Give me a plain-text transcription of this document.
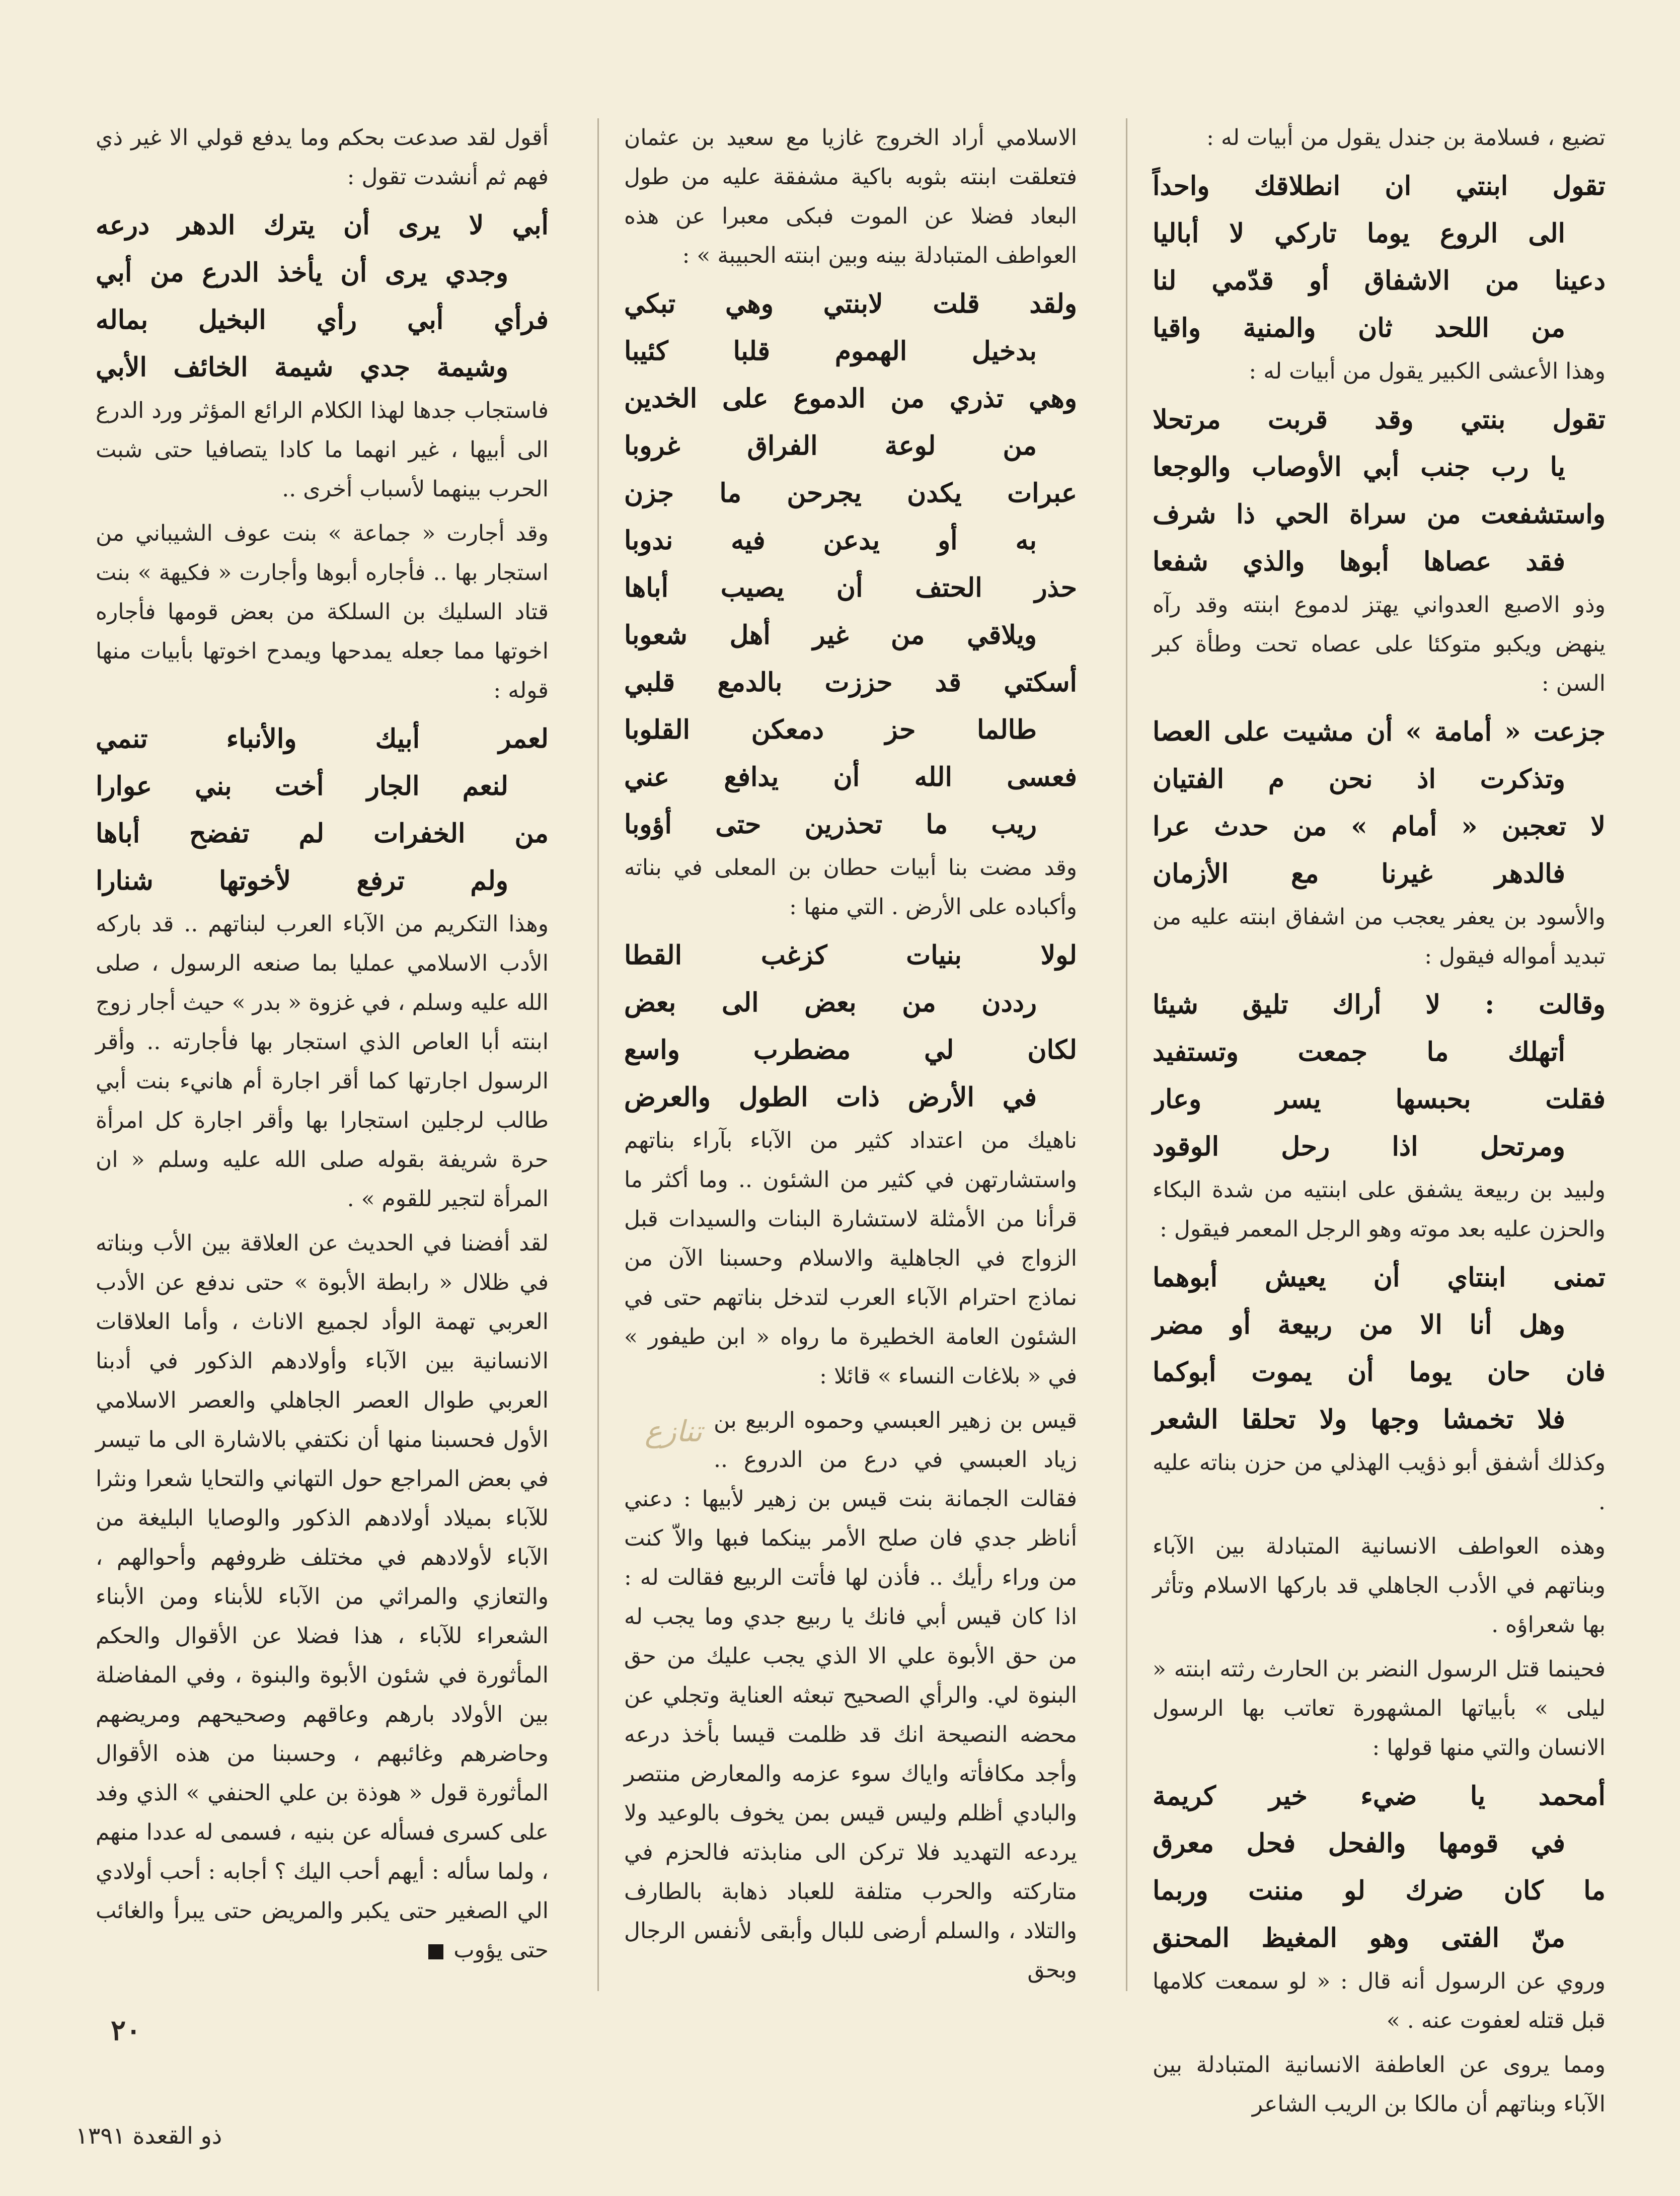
تضيع ، فسلامة بن جندل يقول من أبيات له :
تقول ابنتي ان انطلاقك واحداً
الى الروع يوما تاركي لا أباليا
دعينا من الاشفاق أو قدّمي لنا
من اللحد ثان والمنية واقيا
وهذا الأعشى الكبير يقول من أبيات له :
تقول بنتي وقد قربت مرتحلا
يا رب جنب أبي الأوصاب والوجعا
واستشفعت من سراة الحي ذا شرف
فقد عصاها أبوها والذي شفعا
وذو الاصبع العدواني يهتز لدموع ابنته وقد رآه ينهض ويكبو متوكئا على عصاه تحت وطأة كبر السن :
جزعت « أمامة » أن مشيت على العصا
وتذكرت اذ نحن م الفتيان
لا تعجبن « أمام » من حدث عرا
فالدهر غيرنا مع الأزمان
والأسود بن يعفر يعجب من اشفاق ابنته عليه من تبديد أمواله فيقول :
وقالت : لا أراك تليق شيئا
أتهلك ما جمعت وتستفيد
فقلت بحبسها يسر وعار
ومرتحل اذا رحل الوقود
ولبيد بن ربيعة يشفق على ابنتيه من شدة البكاء والحزن عليه بعد موته وهو الرجل المعمر فيقول :
تمنى ابنتاي أن يعيش أبوهما
وهل أنا الا من ربيعة أو مضر
فان حان يوما أن يموت أبوكما
فلا تخمشا وجها ولا تحلقا الشعر
وكذلك أشفق أبو ذؤيب الهذلي من حزن بناته عليه .
وهذه العواطف الانسانية المتبادلة بين الآباء وبناتهم في الأدب الجاهلي قد باركها الاسلام وتأثر بها شعراؤه .
فحينما قتل الرسول النضر بن الحارث رثته ابنته « ليلى » بأبياتها المشهورة تعاتب بها الرسول الانسان والتي منها قولها :
أمحمد يا ضيء خير كريمة
في قومها والفحل فحل معرق
ما كان ضرك لو مننت وربما
منّ الفتى وهو المغيظ المحنق
وروي عن الرسول أنه قال : « لو سمعت كلامها قبل قتله لعفوت عنه . »
ومما يروى عن العاطفة الانسانية المتبادلة بين الآباء وبناتهم أن مالكا بن الريب الشاعر
الاسلامي أراد الخروج غازيا مع سعيد بن عثمان فتعلقت ابنته بثوبه باكية مشفقة عليه من طول البعاد فضلا عن الموت فبكى معبرا عن هذه العواطف المتبادلة بينه وبين ابنته الحبيبة » :
ولقد قلت لابنتي وهي تبكي
بدخيل الهموم قلبا كئيبا
وهي تذري من الدموع على الخدين
من لوعة الفراق غروبا
عبرات يكدن يجرحن ما جزن
به أو يدعن فيه ندوبا
حذر الحتف أن يصيب أباها
ويلاقي من غير أهل شعوبا
أسكتي قد حززت بالدمع قلبي
طالما حز دمعكن القلوبا
فعسى الله أن يدافع عني
ريب ما تحذرين حتى أؤوبا
وقد مضت بنا أبيات حطان بن المعلى في بناته وأكباده على الأرض . التي منها :
لولا بنيات كزغب القطا
رددن من بعض الى بعض
لكان لي مضطرب واسع
في الأرض ذات الطول والعرض
ناهيك من اعتداد كثير من الآباء بآراء بناتهم واستشارتهن في كثير من الشئون .. وما أكثر ما قرأنا من الأمثلة لاستشارة البنات والسيدات قبل الزواج في الجاهلية والاسلام وحسبنا الآن من نماذج احترام الآباء العرب لتدخل بناتهم حتى في الشئون العامة الخطيرة ما رواه « ابن طيفور » في « بلاغات النساء » قائلا :
تنازع قيس بن زهير العبسي وحموه الربيع بن زياد العبسي في درع من الدروع .. فقالت الجمانة بنت قيس بن زهير لأبيها : دعني أناظر جدي فان صلح الأمر بينكما فبها والاّ كنت من وراء رأيك .. فأذن لها فأتت الربيع فقالت له : اذا كان قيس أبي فانك يا ربيع جدي وما يجب له من حق الأبوة علي الا الذي يجب عليك من حق البنوة لي. والرأي الصحيح تبعثه العناية وتجلي عن محضه النصيحة انك قد ظلمت قيسا بأخذ درعه وأجد مكافأته واياك سوء عزمه والمعارض منتصر والبادي أظلم وليس قيس بمن يخوف بالوعيد ولا يردعه التهديد فلا تركن الى منابذته فالحزم في متاركته والحرب متلفة للعباد ذهابة بالطارف والتلاد ، والسلم أرضى للبال وأبقى لأنفس الرجال وبحق
أقول لقد صدعت بحكم وما يدفع قولي الا غير ذي فهم ثم أنشدت تقول :
أبي لا يرى أن يترك الدهر درعه
وجدي يرى أن يأخذ الدرع من أبي
فرأي أبي رأي البخيل بماله
وشيمة جدي شيمة الخائف الأبي
فاستجاب جدها لهذا الكلام الرائع المؤثر ورد الدرع الى أبيها ، غير انهما ما كادا يتصافيا حتى شبت الحرب بينهما لأسباب أخرى ..
وقد أجارت « جماعة » بنت عوف الشيباني من استجار بها .. فأجاره أبوها وأجارت « فكيهة » بنت قتاد السليك بن السلكة من بعض قومها فأجاره اخوتها مما جعله يمدحها ويمدح اخوتها بأبيات منها قوله :
لعمر أبيك والأنباء تنمي
لنعم الجار أخت بني عوارا
من الخفرات لم تفضح أباها
ولم ترفع لأخوتها شنارا
وهذا التكريم من الآباء العرب لبناتهم .. قد باركه الأدب الاسلامي عمليا بما صنعه الرسول ، صلى الله عليه وسلم ، في غزوة « بدر » حيث أجار زوج ابنته أبا العاص الذي استجار بها فأجارته .. وأقر الرسول اجارتها كما أقر اجارة أم هانيء بنت أبي طالب لرجلين استجارا بها وأقر اجارة كل امرأة حرة شريفة بقوله صلى الله عليه وسلم « ان المرأة لتجير للقوم » .
لقد أفضنا في الحديث عن العلاقة بين الأب وبناته في ظلال « رابطة الأبوة » حتى ندفع عن الأدب العربي تهمة الوأد لجميع الاناث ، وأما العلاقات الانسانية بين الآباء وأولادهم الذكور في أدبنا العربي طوال العصر الجاهلي والعصر الاسلامي الأول فحسبنا منها أن نكتفي بالاشارة الى ما تيسر في بعض المراجع حول التهاني والتحايا شعرا ونثرا للآباء بميلاد أولادهم الذكور والوصايا البليغة من الآباء لأولادهم في مختلف ظروفهم وأحوالهم ، والتعازي والمراثي من الآباء للأبناء ومن الأبناء الشعراء للآباء ، هذا فضلا عن الأقوال والحكم المأثورة في شئون الأبوة والبنوة ، وفي المفاضلة بين الأولاد بارهم وعاقهم وصحيحهم ومريضهم وحاضرهم وغائبهم ، وحسبنا من هذه الأقوال المأثورة قول « هوذة بن علي الحنفي » الذي وفد على كسرى فسأله عن بنيه ، فسمى له عددا منهم ، ولما سأله : أيهم أحب اليك ؟ أجابه : أحب أولادي الي الصغير حتى يكبر والمريض حتى يبرأ والغائب حتى يؤوب
٢٠
ذو القعدة ١٣٩١
